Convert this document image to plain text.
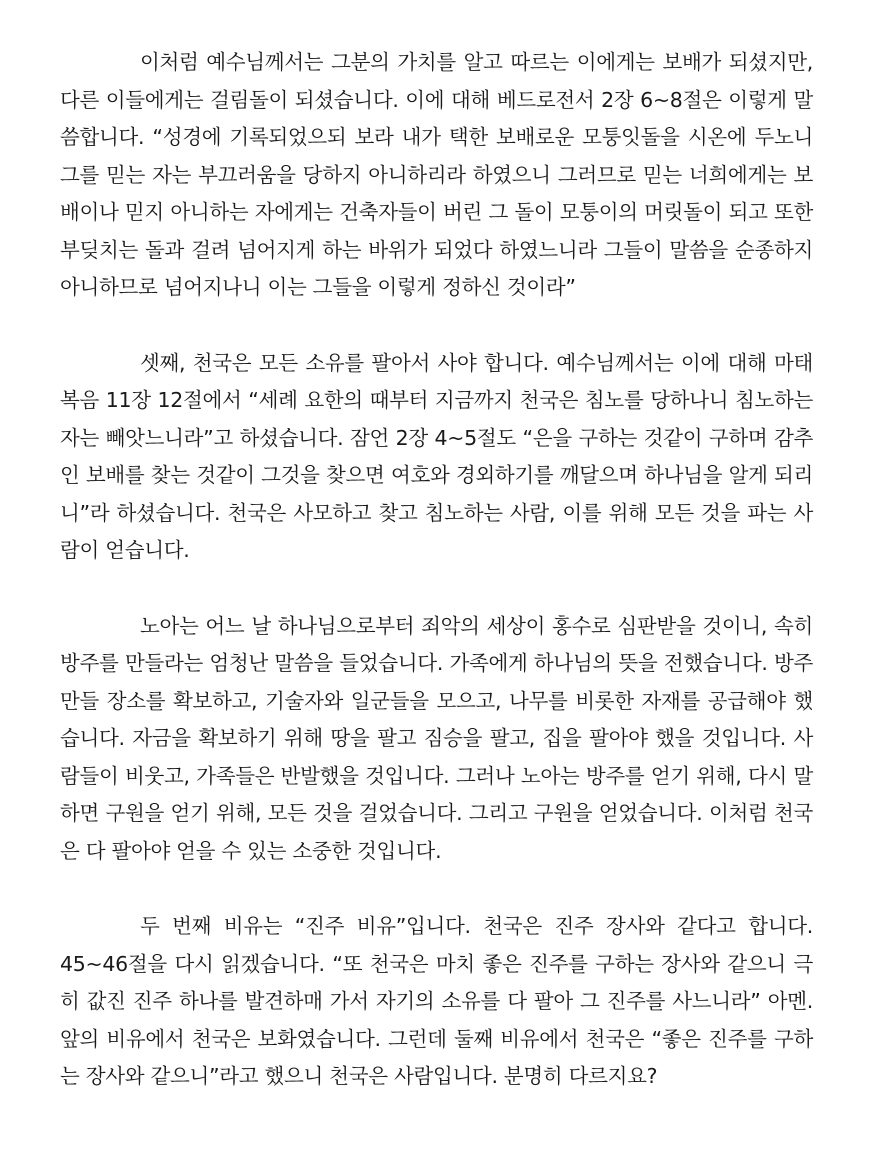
이처럼 예수님께서는 그분의 가치를 알고 따르는 이에게는 보배가 되셨지만, 다른 이들에게는 걸림돌이 되셨습니다. 이에 대해 베드로전서 2장 6~8절은 이렇게 말씀합니다. “성경에 기록되었으되 보라 내가 택한 보배로운 모퉁잇돌을 시온에 두노니 그를 믿는 자는 부끄러움을 당하지 아니하리라 하였으니 그러므로 믿는 너희에게는 보배이나 믿지 아니하는 자에게는 건축자들이 버린 그 돌이 모퉁이의 머릿돌이 되고 또한 부딪치는 돌과 걸려 넘어지게 하는 바위가 되었다 하였느니라 그들이 말씀을 순종하지 아니하므로 넘어지나니 이는 그들을 이렇게 정하신 것이라”

셋째, 천국은 모든 소유를 팔아서 사야 합니다. 예수님께서는 이에 대해 마태복음 11장 12절에서 “세례 요한의 때부터 지금까지 천국은 침노를 당하나니 침노하는 자는 빼앗느니라”고 하셨습니다. 잠언 2장 4~5절도 “은을 구하는 것같이 구하며 감추인 보배를 찾는 것같이 그것을 찾으면 여호와 경외하기를 깨달으며 하나님을 알게 되리니”라 하셨습니다. 천국은 사모하고 찾고 침노하는 사람, 이를 위해 모든 것을 파는 사람이 얻습니다.

노아는 어느 날 하나님으로부터 죄악의 세상이 홍수로 심판받을 것이니, 속히 방주를 만들라는 엄청난 말씀을 들었습니다. 가족에게 하나님의 뜻을 전했습니다. 방주 만들 장소를 확보하고, 기술자와 일군들을 모으고, 나무를 비롯한 자재를 공급해야 했습니다. 자금을 확보하기 위해 땅을 팔고 짐승을 팔고, 집을 팔아야 했을 것입니다. 사람들이 비웃고, 가족들은 반발했을 것입니다. 그러나 노아는 방주를 얻기 위해, 다시 말하면 구원을 얻기 위해, 모든 것을 걸었습니다. 그리고 구원을 얻었습니다. 이처럼 천국은 다 팔아야 얻을 수 있는 소중한 것입니다.

두 번째 비유는 “진주 비유”입니다. 천국은 진주 장사와 같다고 합니다. 45~46절을 다시 읽겠습니다. “또 천국은 마치 좋은 진주를 구하는 장사와 같으니 극히 값진 진주 하나를 발견하매 가서 자기의 소유를 다 팔아 그 진주를 사느니라” 아멘. 앞의 비유에서 천국은 보화였습니다. 그런데 둘째 비유에서 천국은 “좋은 진주를 구하는 장사와 같으니”라고 했으니 천국은 사람입니다. 분명히 다르지요?
